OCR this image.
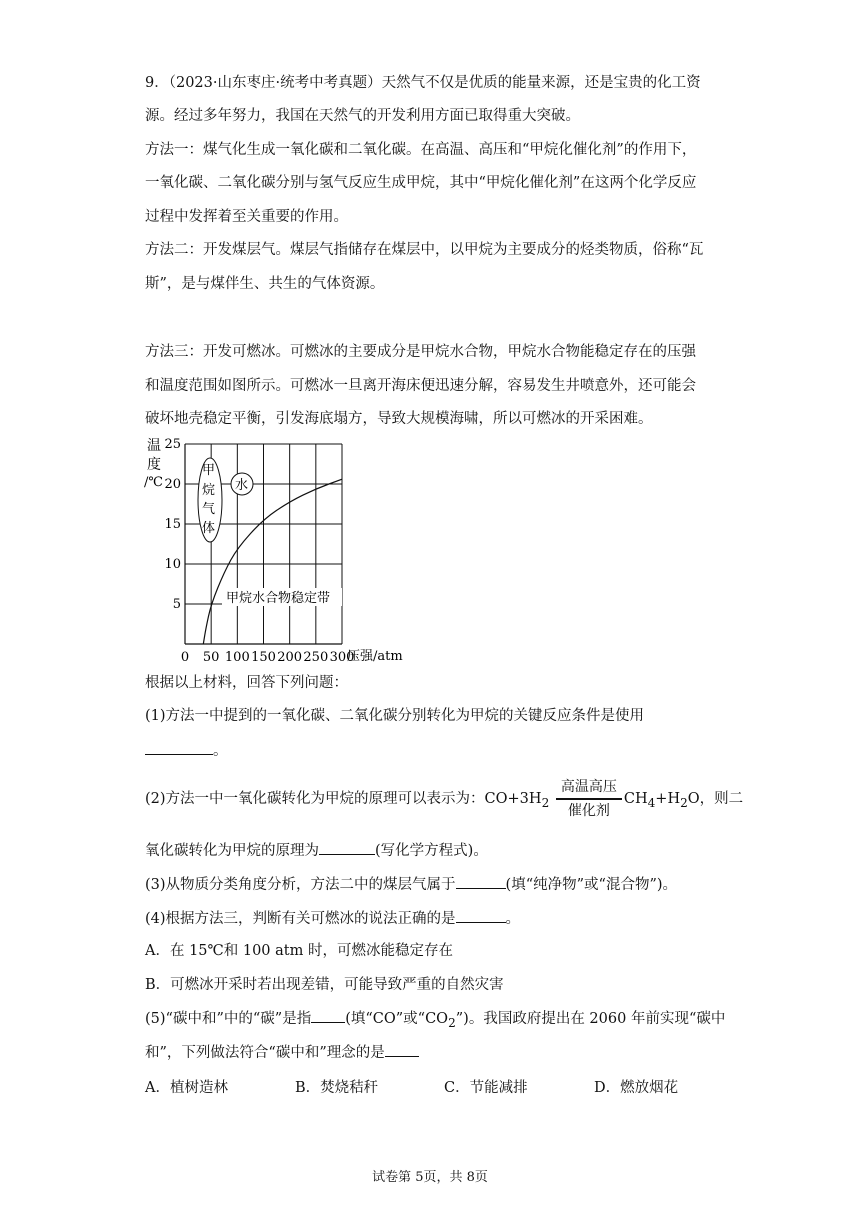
9．（2023·山东枣庄·统考中考真题）天然气不仅是优质的能量来源，还是宝贵的化工资
源。经过多年努力，我国在天然气的开发利用方面已取得重大突破。
方法一：煤气化生成一氧化碳和二氧化碳。在高温、高压和“甲烷化催化剂”的作用下，
一氧化碳、二氧化碳分别与氢气反应生成甲烷，其中“甲烷化催化剂”在这两个化学反应
过程中发挥着至关重要的作用。
方法二：开发煤层气。煤层气指储存在煤层中，以甲烷为主要成分的烃类物质，俗称“瓦
斯”，是与煤伴生、共生的气体资源。
方法三：开发可燃冰。可燃冰的主要成分是甲烷水合物，甲烷水合物能稳定存在的压强
和温度范围如图所示。可燃冰一旦离开海床便迅速分解，容易发生井喷意外，还可能会
破坏地壳稳定平衡，引发海底塌方，导致大规模海啸，所以可燃冰的开采困难。
0 50 100 150 200 250 300
5
10
15
20
25
温
度
/℃
甲
烷
气
体
水
甲烷水合物稳定带
压强/atm
根据以上材料，回答下列问题：
(1)方法一中提到的一氧化碳、二氧化碳分别转化为甲烷的关键反应条件是使用
。
(2)方法一中一氧化碳转化为甲烷的原理可以表示为：$CO+3H_2$
高温高压
催化剂
$CH_4+H_2O$，则二
氧化碳转化为甲烷的原理为	(写化学方程式)。
(3)从物质分类角度分析，方法二中的煤层气属于	(填“纯净物”或“混合物”)。
(4)根据方法三，判断有关可燃冰的说法正确的是	。
A．在 15℃和 100 atm 时，可燃冰能稳定存在
B．可燃冰开采时若出现差错，可能导致严重的自然灾害
(5)“碳中和”中的“碳”是指 (填“CO”或“$CO_2$”)。我国政府提出在 2060 年前实现“碳中
和”，下列做法符合“碳中和”理念的是
A．植树造林	B．焚烧秸秆	C．节能减排	D．燃放烟花
试卷第 5页，共 8页
